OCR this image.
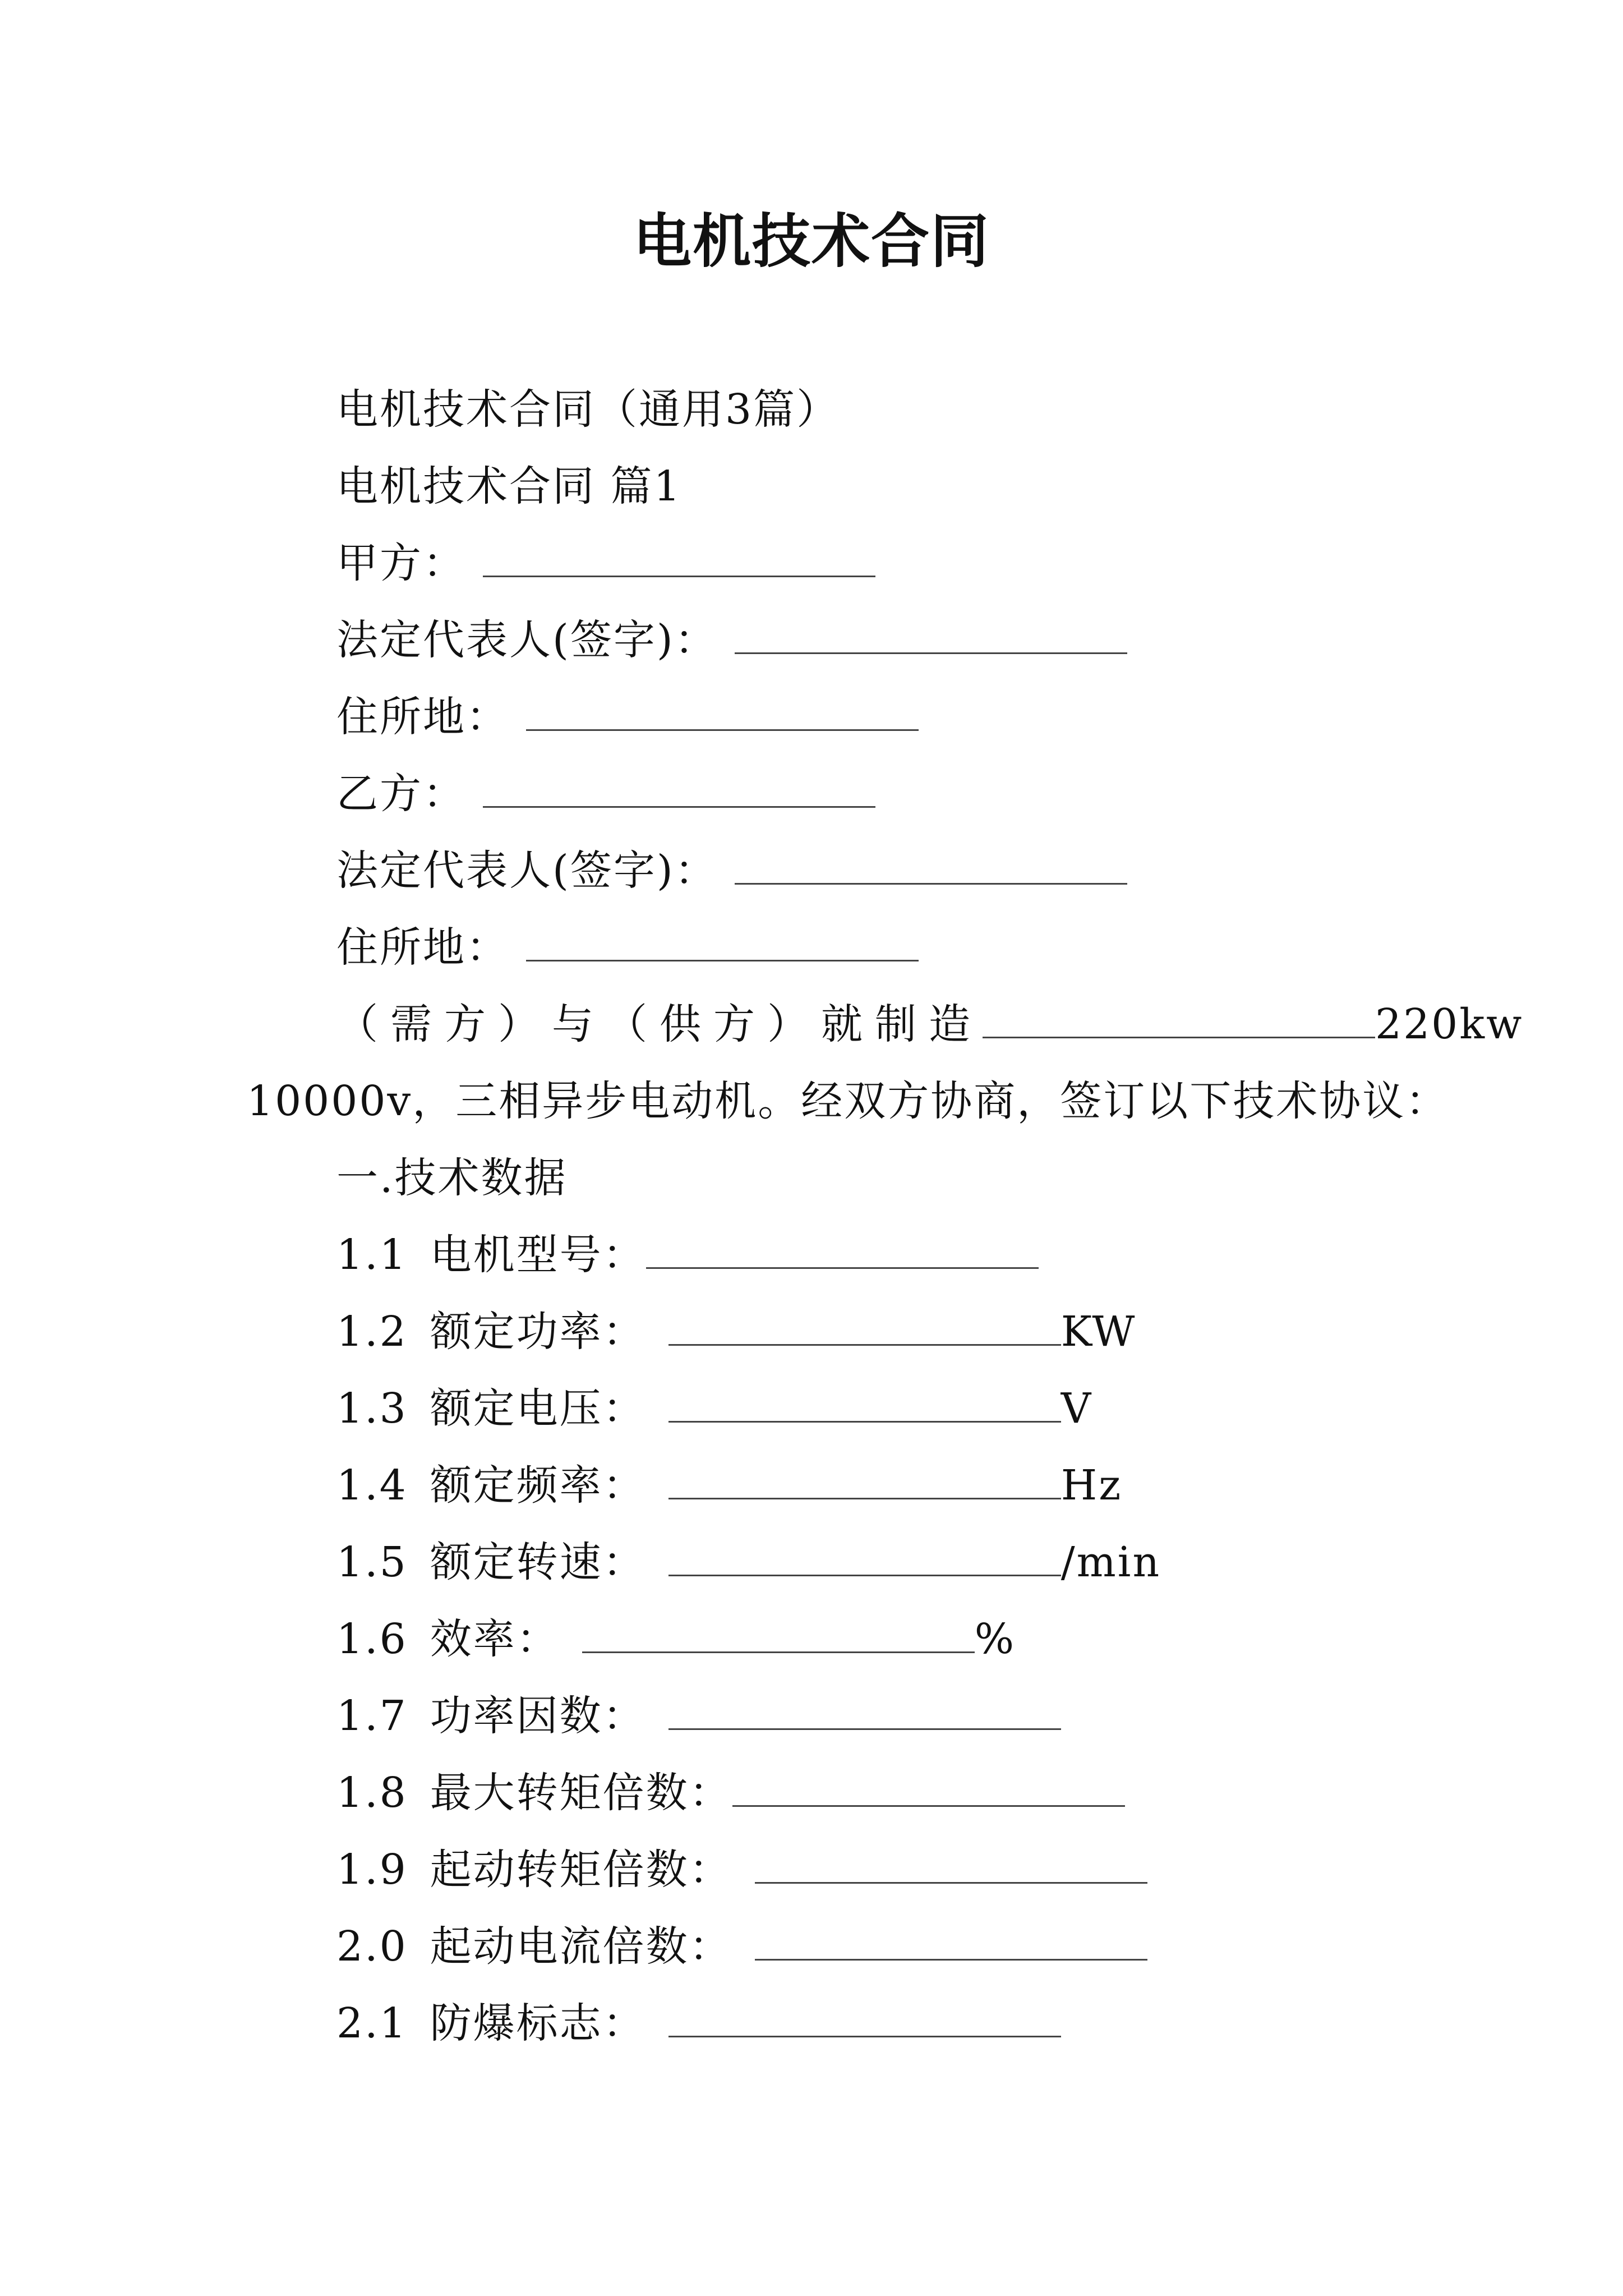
电机技术合同
电机技术合同（通用3篇）
电机技术合同 篇1
甲方：
法定代表人(签字)：
住所地：
乙方：
法定代表人(签字)：
住所地：
（需方）与（供方）就制造	220kw
10000v，三相异步电动机。经双方协商，签订以下技术协议：
一.技术数据
1.1 电机型号：
1.2 额定功率：	KW
1.3 额定电压：	V
1.4 额定频率：	Hz
1.5 额定转速：	/min
1.6 效率：	%
1.7 功率因数：
1.8 最大转矩倍数：
1.9 起动转矩倍数：
2.0 起动电流倍数：
2.1 防爆标志：
